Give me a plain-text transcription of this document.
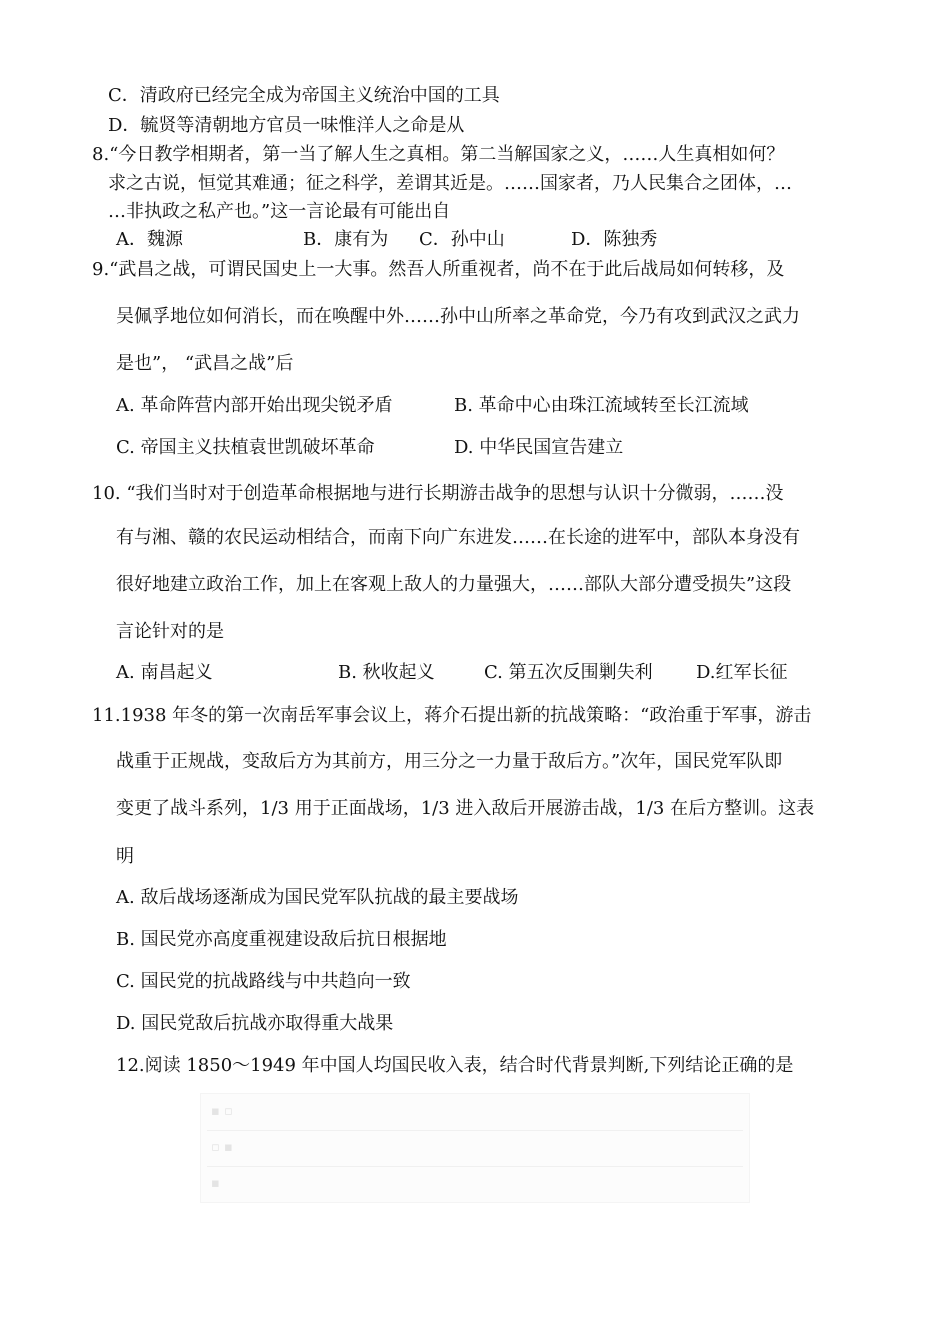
C．清政府已经完全成为帝国主义统治中国的工具
D．毓贤等清朝地方官员一味惟洋人之命是从
8.“今日教学相期者，第一当了解人生之真相。第二当解国家之义，……人生真相如何？
求之古说，恒觉其难通；征之科学，差谓其近是。……国家者，乃人民集合之团体，…
…非执政之私产也。”这一言论最有可能出自
A．魏源	B．康有为 C．孙中山	D．陈独秀
9.“武昌之战，可谓民国史上一大事。然吾人所重视者，尚不在于此后战局如何转移，及
吴佩孚地位如何消长，而在唤醒中外……孙中山所率之革命党，今乃有攻到武汉之武力
是也”， “武昌之战”后
A. 革命阵营内部开始出现尖锐矛盾	B. 革命中心由珠江流域转至长江流域
C. 帝国主义扶植袁世凯破坏革命	D. 中华民国宣告建立
10. “我们当时对于创造革命根据地与进行长期游击战争的思想与认识十分微弱，……没
有与湘、赣的农民运动相结合，而南下向广东进发……在长途的进军中，部队本身没有
很好地建立政治工作，加上在客观上敌人的力量强大，……部队大部分遭受损失”这段
言论针对的是
A. 南昌起义	B. 秋收起义	C. 第五次反围剿失利 D.红军长征
11.1938 年冬的第一次南岳军事会议上，蒋介石提出新的抗战策略：“政治重于军事，游击
战重于正规战，变敌后方为其前方，用三分之一力量于敌后方。”次年，国民党军队即
变更了战斗系列，1/3 用于正面战场，1/3 进入敌后开展游击战，1/3 在后方整训。这表
明
A. 敌后战场逐渐成为国民党军队抗战的最主要战场
B. 国民党亦高度重视建设敌后抗日根据地
C. 国民党的抗战路线与中共趋向一致
D. 国民党敌后抗战亦取得重大战果
12.阅读 1850～1949 年中国人均国民收入表，结合时代背景判断,下列结论正确的是
▪ ▫
▫ ▪
▪
